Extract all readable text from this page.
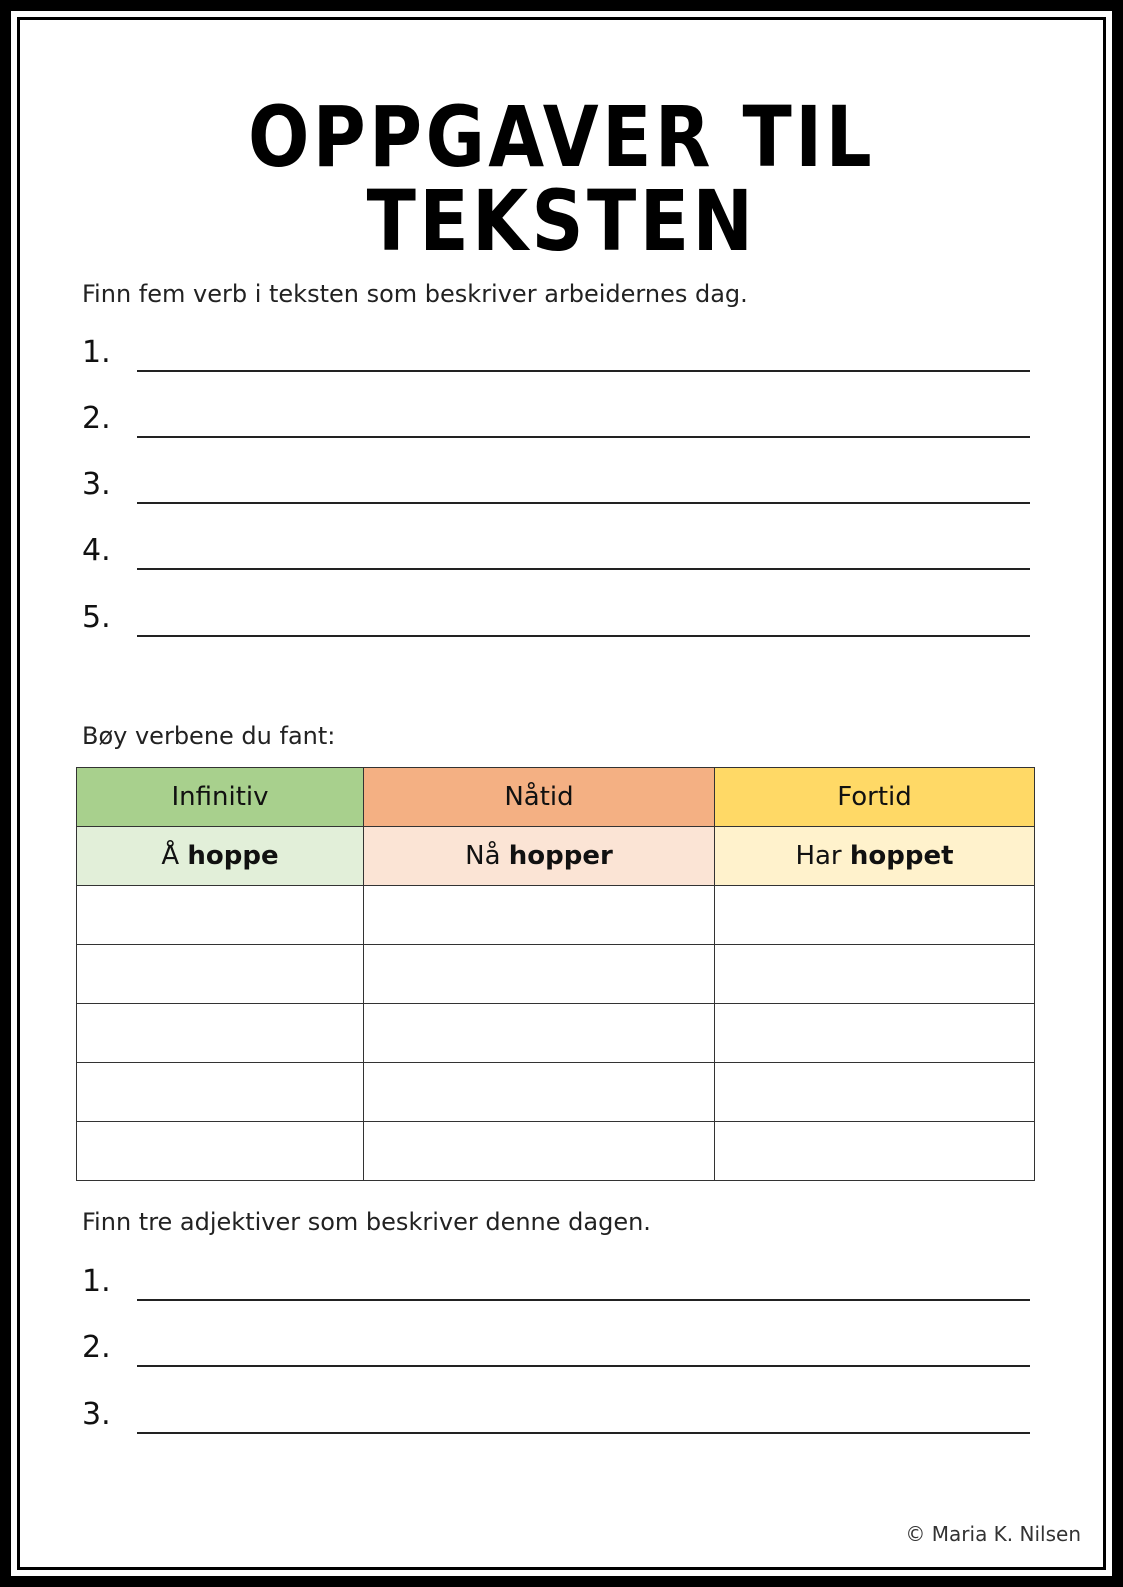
OPPGAVER TIL TEKSTEN
Finn fem verb i teksten som beskriver arbeidernes dag.
1.
2.
3.
4.
5.
Bøy verbene du fant:
Infinitiv	Nåtid	Fortid
Å hoppe	Nå hopper	Har hoppet

Finn tre adjektiver som beskriver denne dagen.
1.
2.
3.
© Maria K. Nilsen
